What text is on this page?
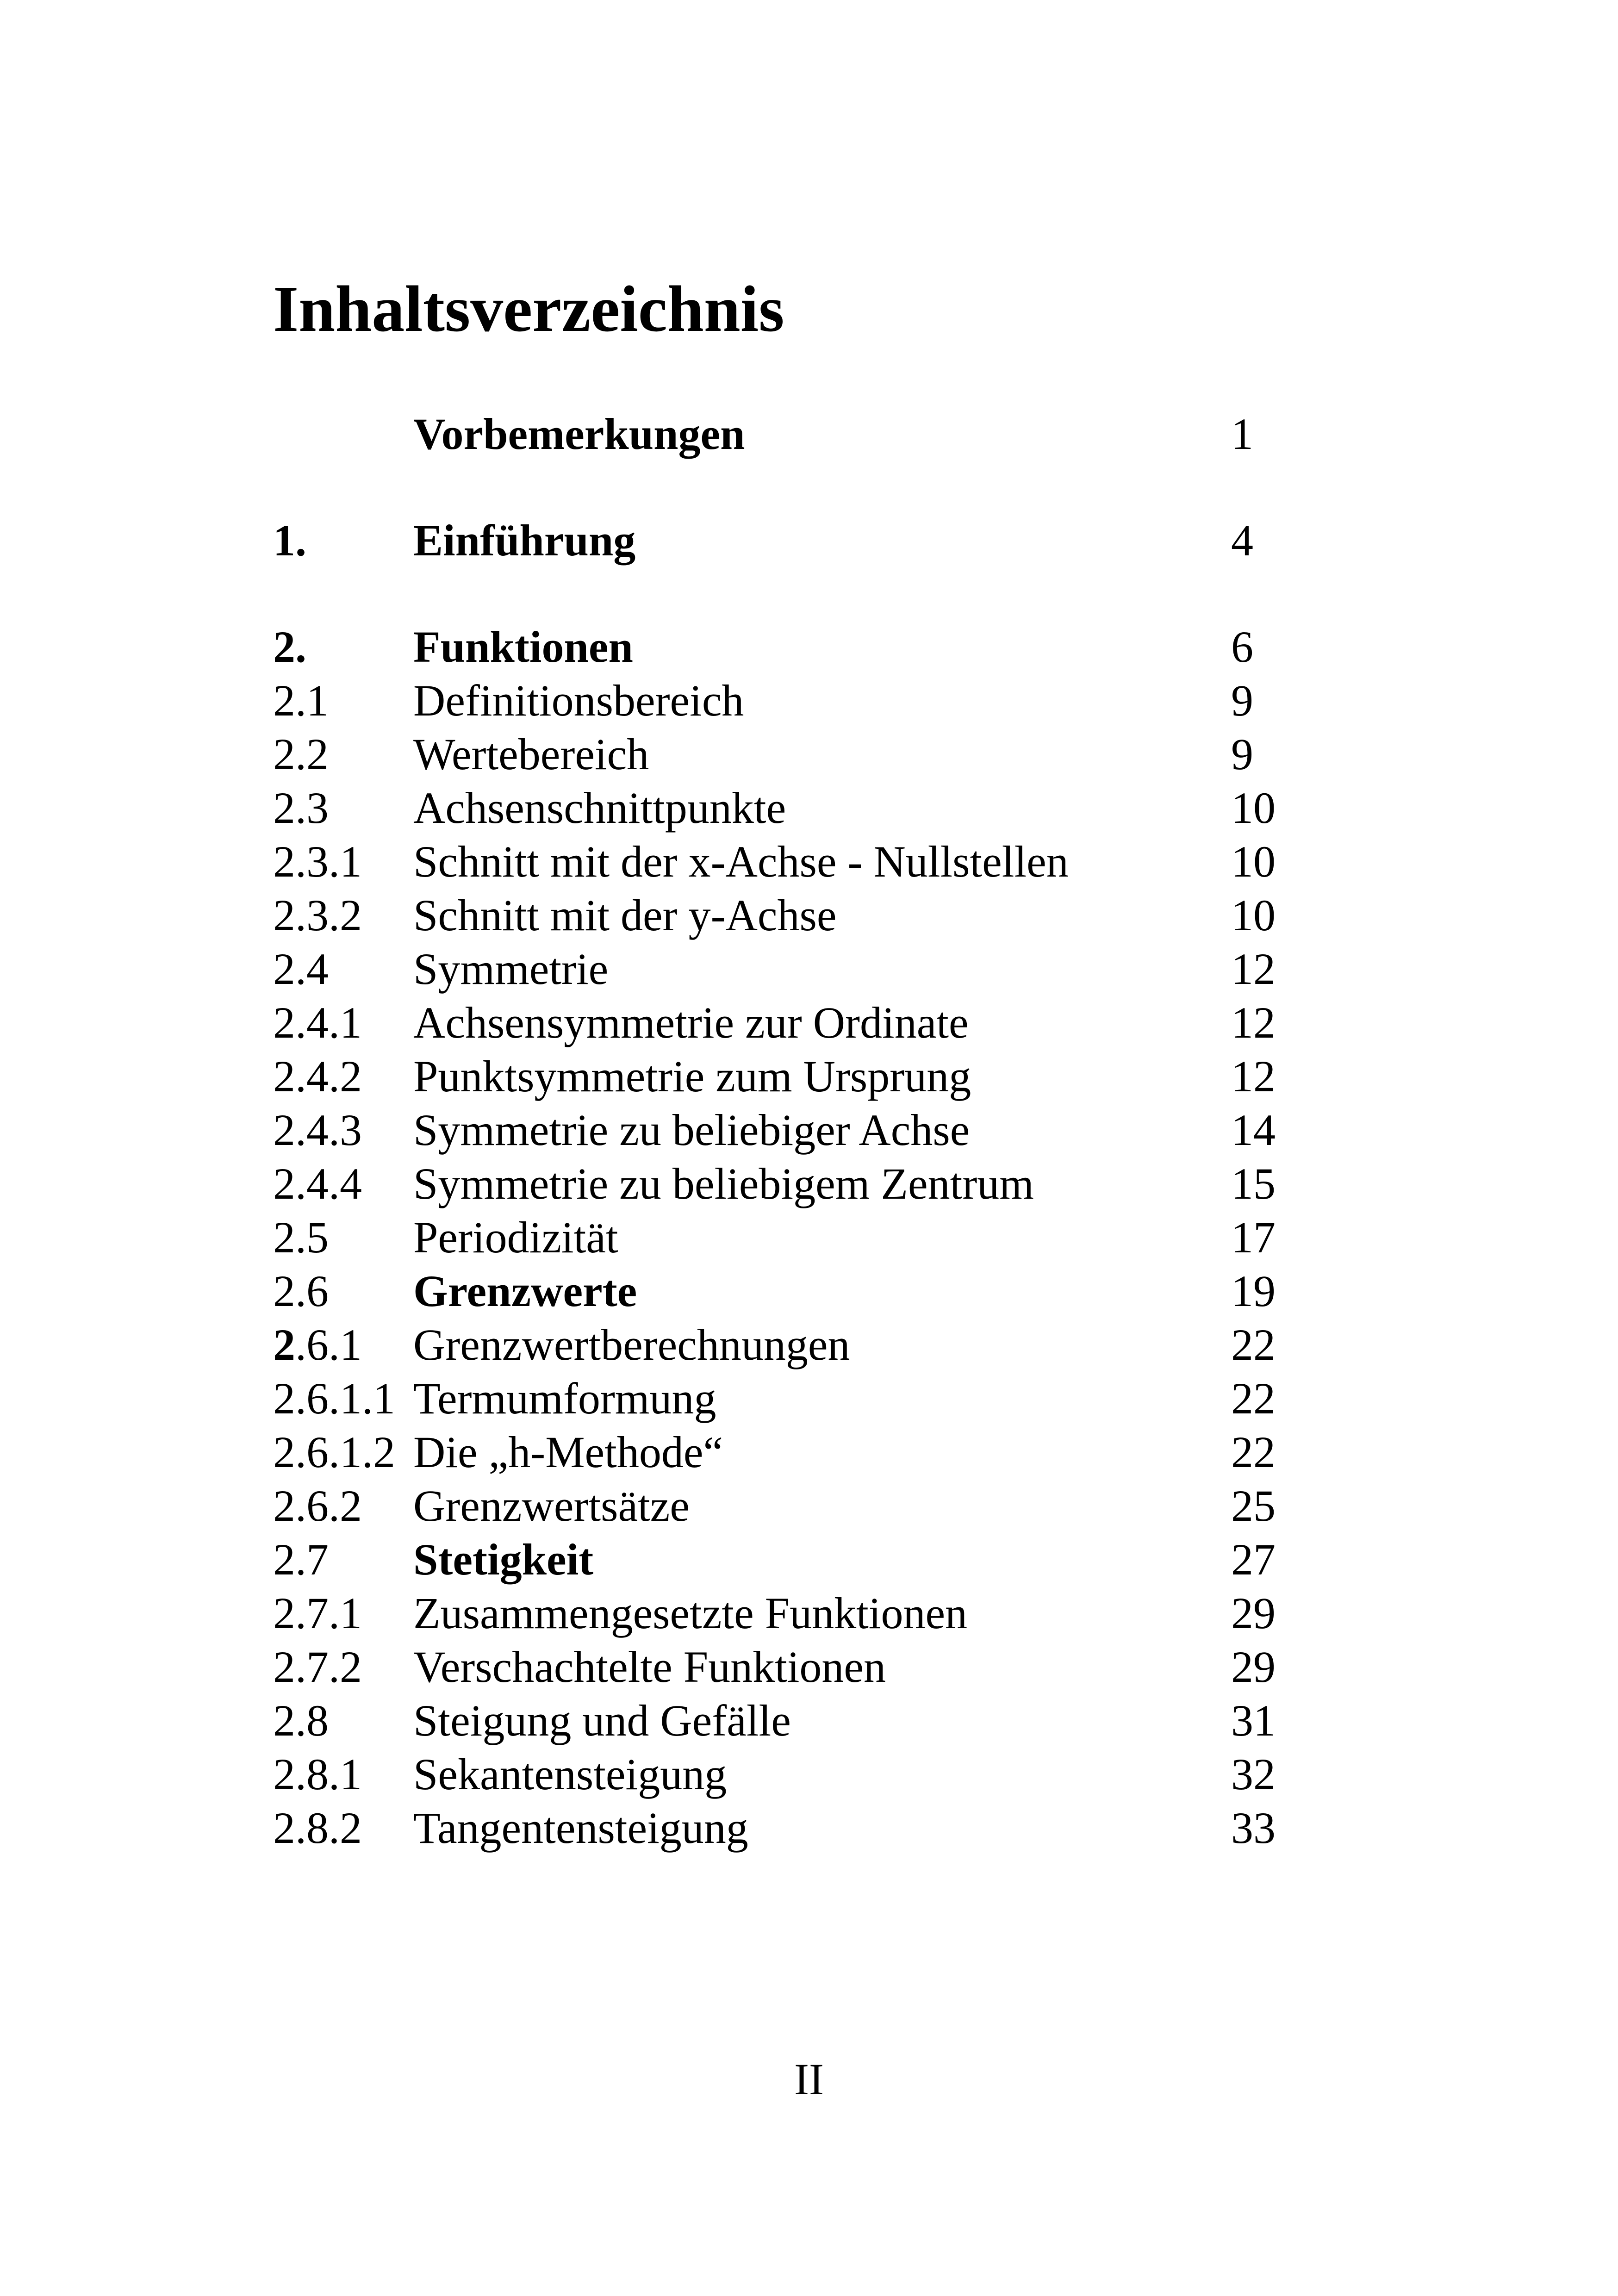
Inhaltsverzeichnis
Vorbemerkungen	1
1. Einführung	4
2. Funktionen	6
2.1 Definitionsbereich	9
2.2 Wertebereich	9
2.3 Achsenschnittpunkte	10
2.3.1 Schnitt mit der x-Achse - Nullstellen	10
2.3.2 Schnitt mit der y-Achse	10
2.4 Symmetrie	12
2.4.1 Achsensymmetrie zur Ordinate	12
2.4.2 Punktsymmetrie zum Ursprung	12
2.4.3 Symmetrie zu beliebiger Achse	14
2.4.4 Symmetrie zu beliebigem Zentrum	15
2.5 Periodizität	17
2.6 Grenzwerte	19
2.6.1 Grenzwertberechnungen	22
2.6.1.1 Termumformung	22
2.6.1.2 Die „h-Methode“	22
2.6.2 Grenzwertsätze	25
2.7 Stetigkeit	27
2.7.1 Zusammengesetzte Funktionen	29
2.7.2 Verschachtelte Funktionen	29
2.8 Steigung und Gefälle	31
2.8.1 Sekantensteigung	32
2.8.2 Tangentensteigung	33
II
